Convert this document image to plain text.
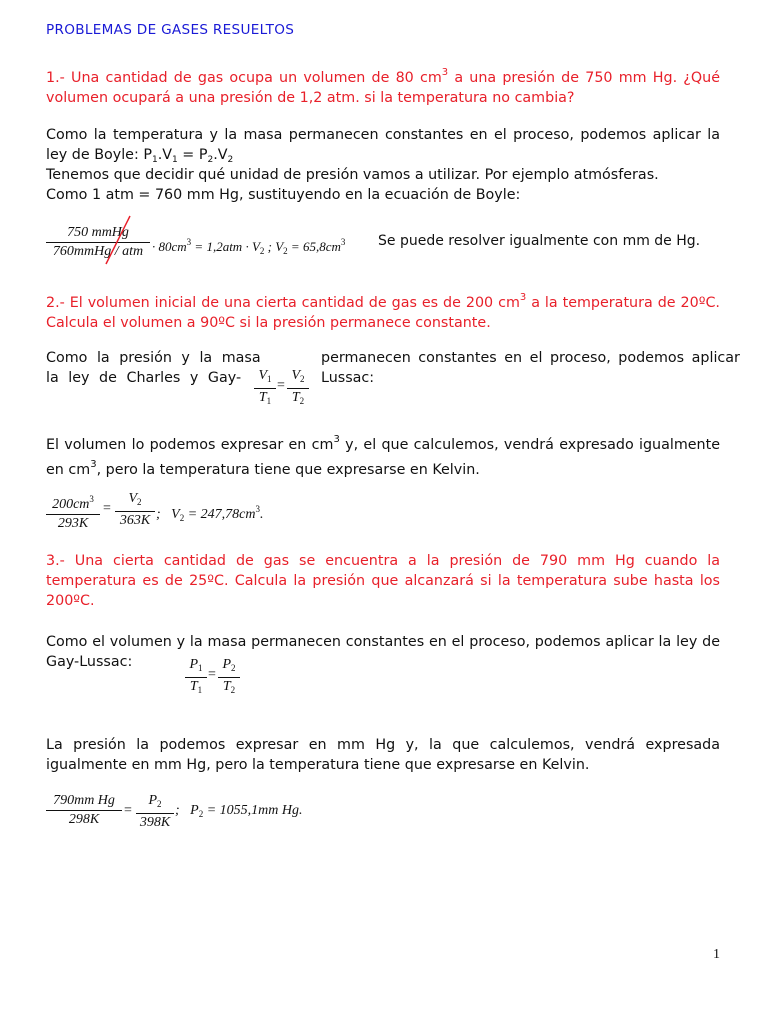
PROBLEMAS DE GASES RESUELTOS
1.- Una cantidad de gas ocupa un volumen de 80 $cm^3$ a una presión de 750 mm Hg. ¿Qué volumen ocupará a una presión de 1,2 atm. si la temperatura no cambia?
Como la temperatura y la masa permanecen constantes en el proceso, podemos aplicar la ley de Boyle: $P_1.V_1 = P_2.V_2$
Tenemos que decidir qué unidad de presión vamos a utilizar. Por ejemplo atmósferas.
Como 1 atm = 760 mm Hg, sustituyendo en la ecuación de Boyle:
750 mmHg
760mmHg / atm · $80cm^3 = 1,2atm \cdot V_2$ ; $V_2 = 65,8cm^3$ Se puede resolver igualmente con mm de Hg.
2.- El volumen inicial de una cierta cantidad de gas es de 200 $cm^3$ a la temperatura de 20ºC. Calcula el volumen a 90ºC si la presión permanece constante.
Como la presión y la masa	permanecen constantes en el proceso, podemos aplicar
la ley de Charles y Gay-	Lussac:
$V_1$
$T_1$
=
$V_2$
$T_2$
El volumen lo podemos expresar en $cm^3$ y, el que calculemos, vendrá expresado igualmente en $cm^3$, pero la temperatura tiene que expresarse en Kelvin.
$200cm^3$
293K
=
$V_2$
363K ;   $V_2 = 247,78cm^3$.
3.- Una cierta cantidad de gas se encuentra a la presión de 790 mm Hg cuando la temperatura es de 25ºC. Calcula la presión que alcanzará si la temperatura sube hasta los 200ºC.
Como el volumen y la masa permanecen constantes en el proceso, podemos aplicar la ley de Gay-Lussac:	$P_1$
$T_1$
=
$P_2$
$T_2$
La presión la podemos expresar en mm Hg y, la que calculemos, vendrá expresada igualmente en mm Hg, pero la temperatura tiene que expresarse en Kelvin.
790mm Hg
298K
=
$P_2$
398K
;   $P_2 = 1055,1mm$ Hg.
1
